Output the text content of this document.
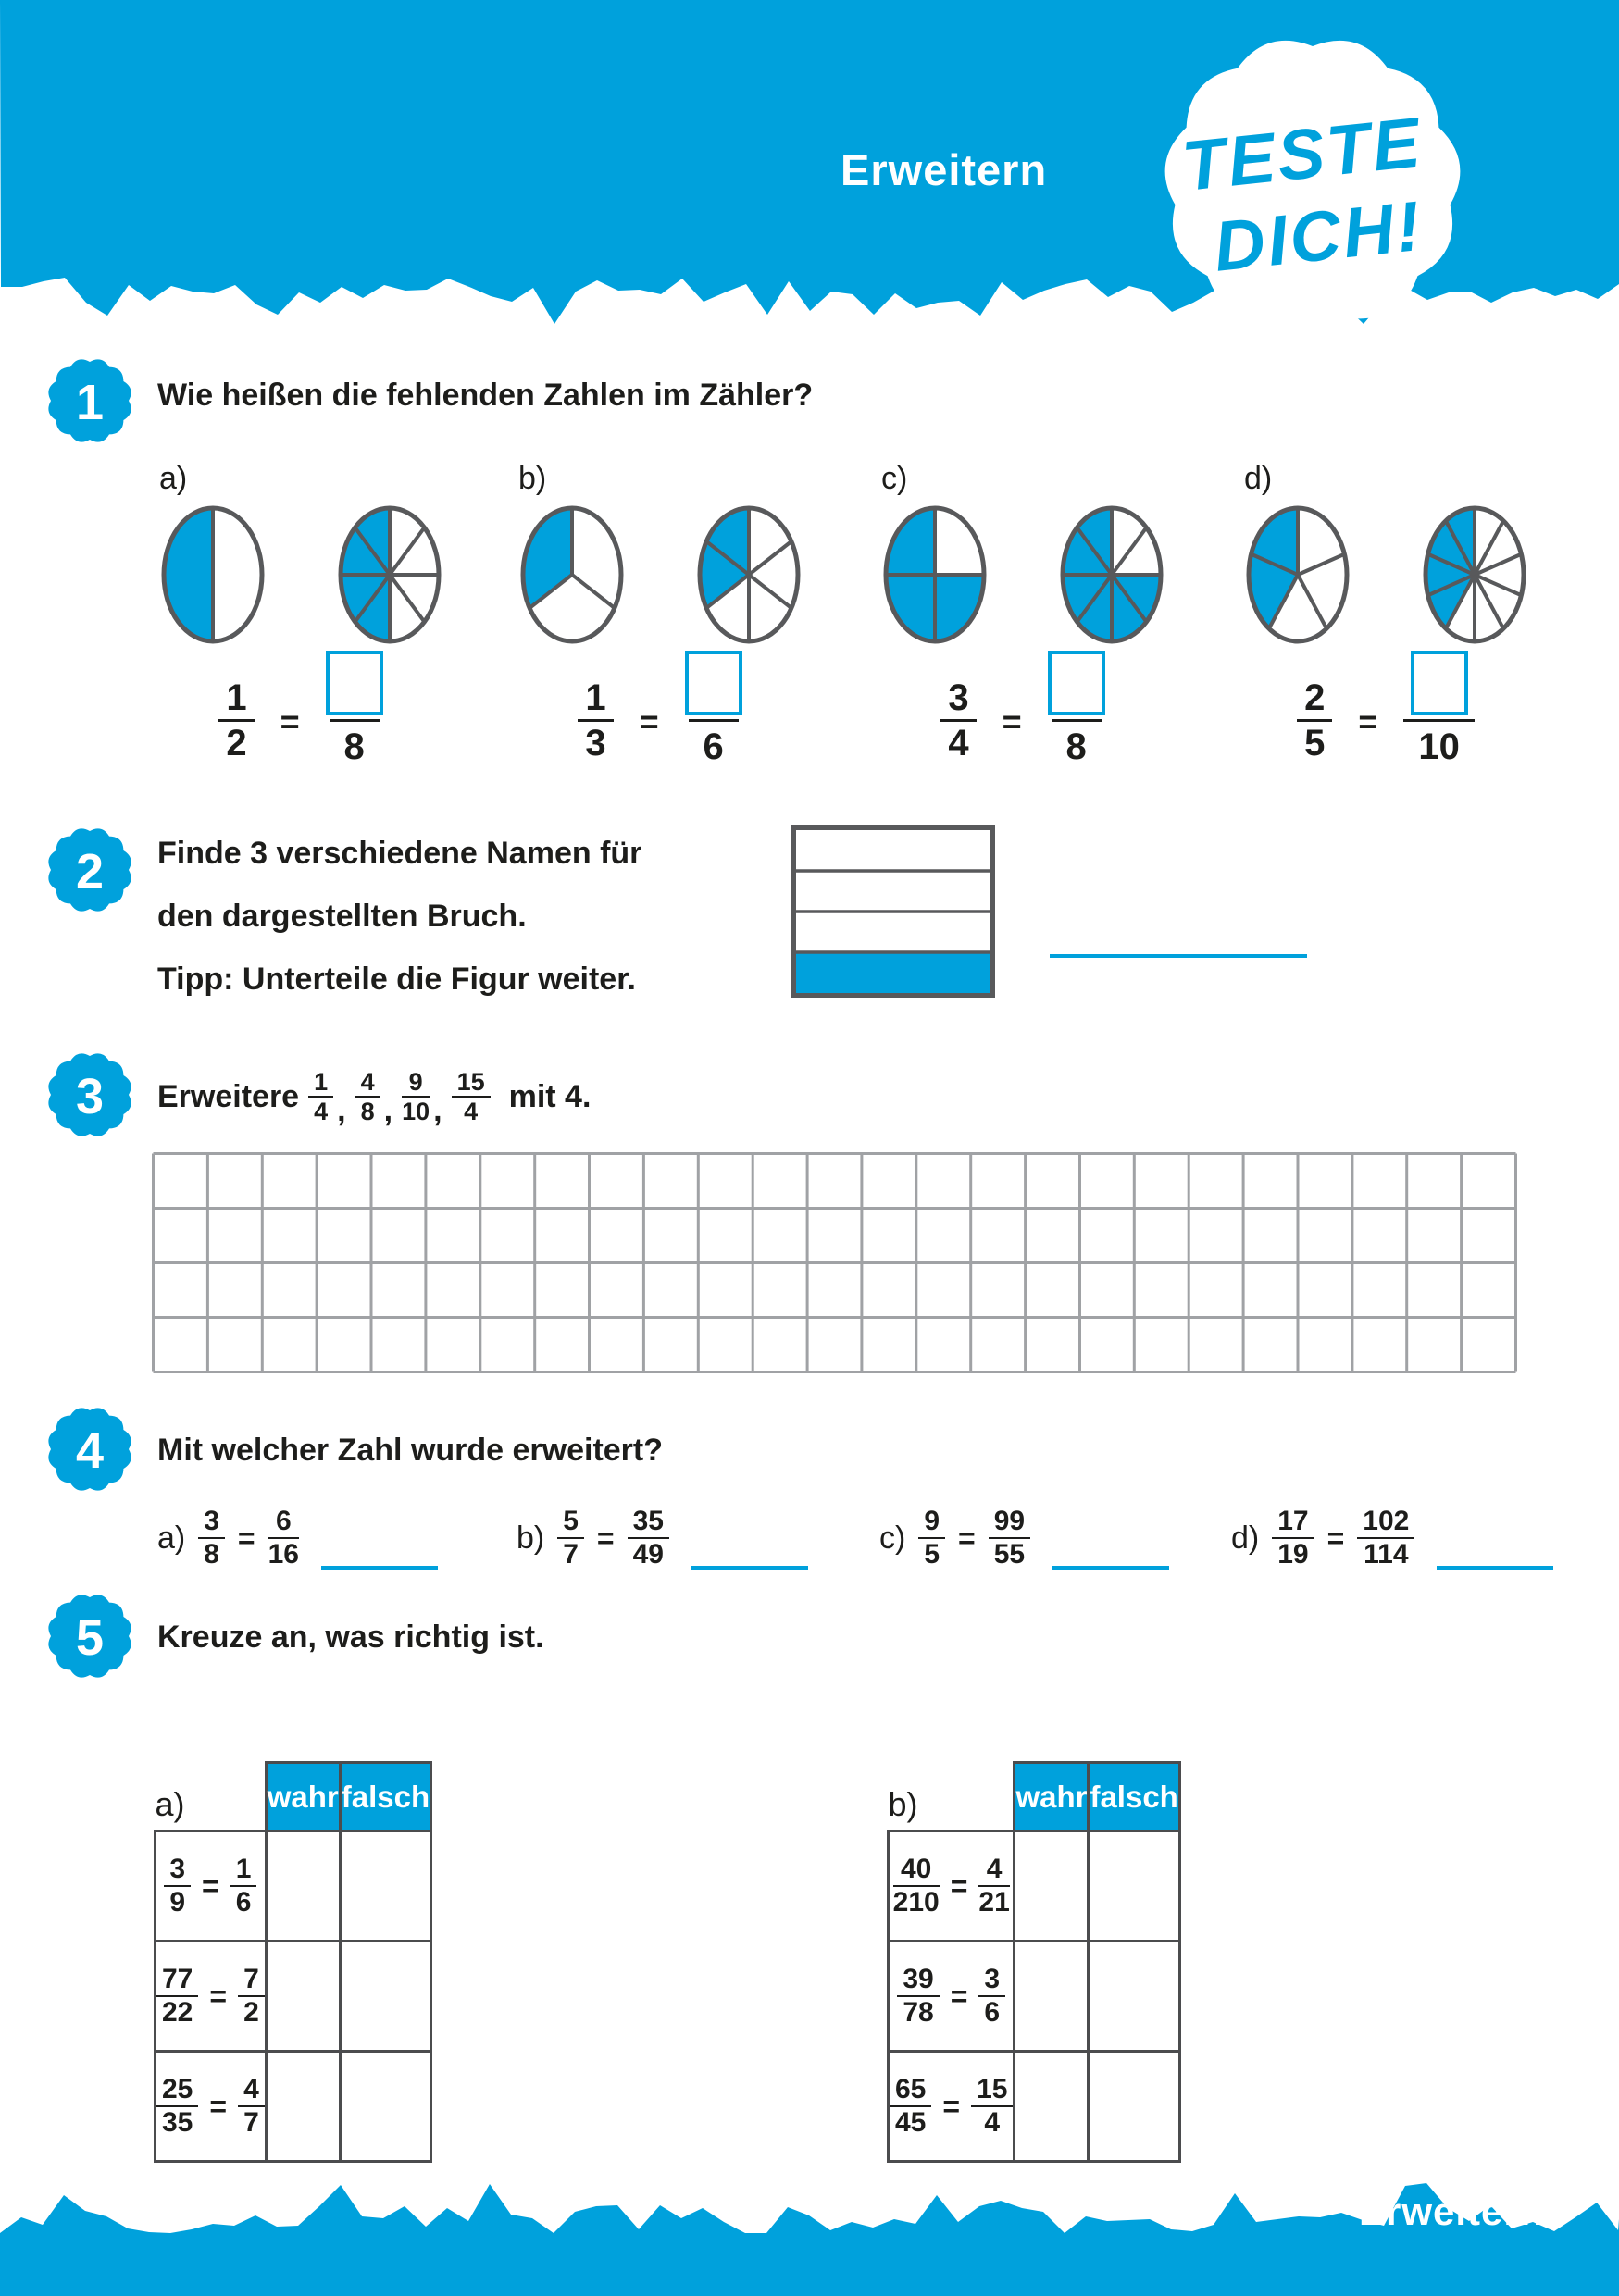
TESTE
DICH!
Erweitern
Erweitern
1
2
3
4
5
Wie heißen die fehlenden Zahlen im Zähler?
a)
$\frac{1}{2}$ =
8
b)
$\frac{1}{3}$ =
6
c)
$\frac{3}{4}$ =
8
d)
$\frac{2}{5}$ =
10
Finde 3 verschiedene Namen für
den dargestellten Bruch.
Tipp: Unterteile die Figur weiter.
Erweitere $\frac{1}{4}$ , $\frac{4}{8}$ , $\frac{9}{10}$ , $\frac{15}{4}$ mit 4.
Mit welcher Zahl wurde erweitert?
$a) \frac{3}{8} = \frac{6}{16}$	$b) \frac{5}{7} = \frac{35}{49}$	$c) \frac{9}{5} = \frac{99}{55}$	$d) \frac{17}{19} = \frac{102}{114}$
Kreuze an, was richtig ist.
a)	wahr	falsch

$\frac{3}{9} = \frac{1}{6}$

$\frac{77}{22} = \frac{7}{2}$

$\frac{25}{35} = \frac{4}{7}$

b)	wahr	falsch

$\frac{40}{210} = \frac{4}{21}$

$\frac{39}{78} = \frac{3}{6}$

$\frac{65}{45} = \frac{15}{4}$
